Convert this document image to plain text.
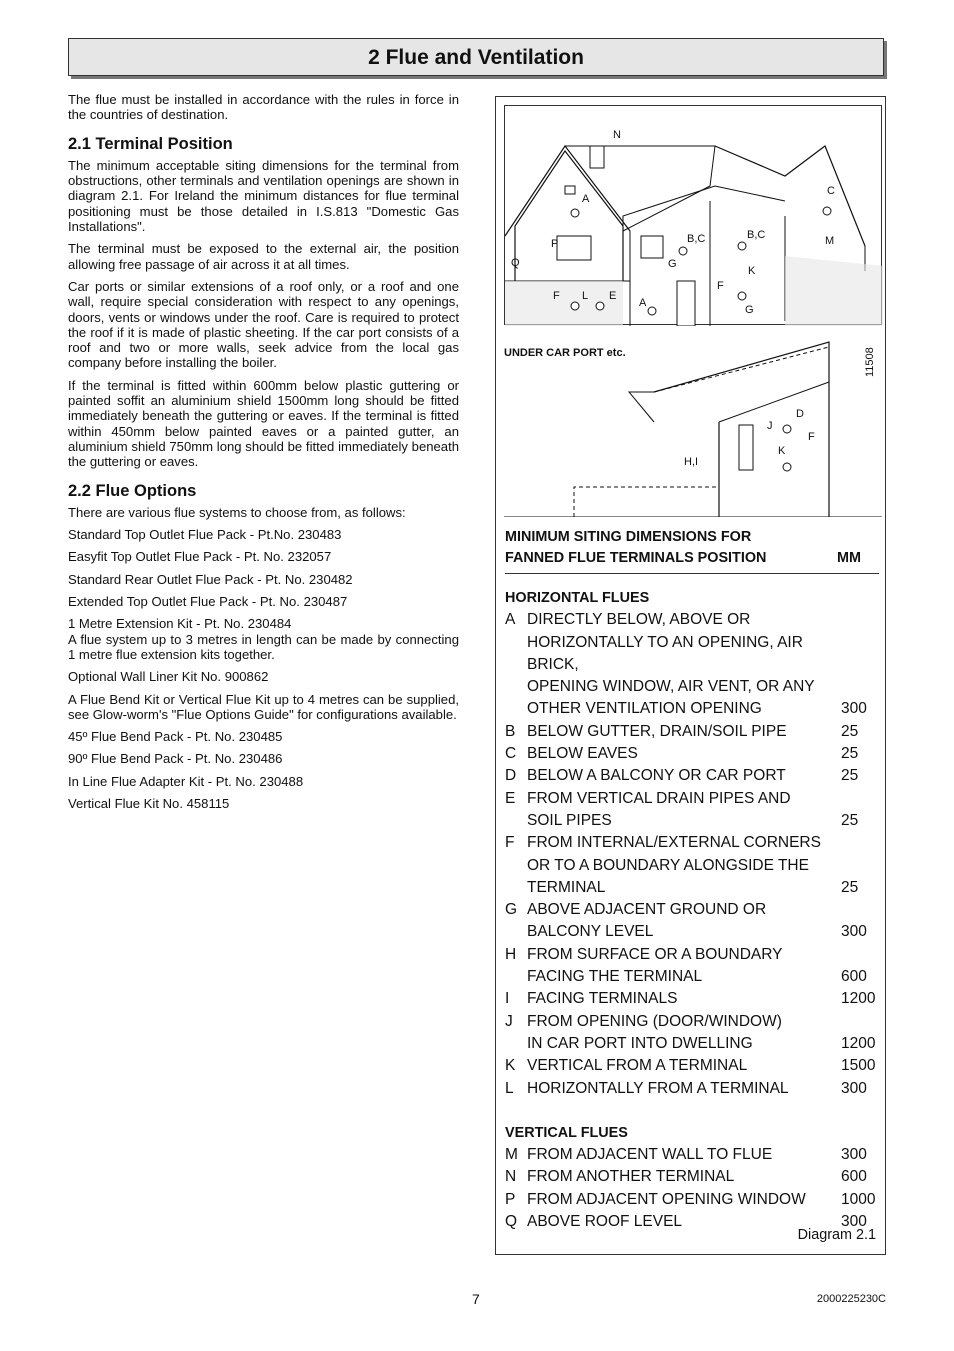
2 Flue and Ventilation

The flue must be installed in accordance with the rules in force in the countries of destination.

2.1 Terminal Position

The minimum acceptable siting dimensions for the terminal from obstructions, other terminals and ventilation openings are shown in diagram 2.1. For Ireland the minimum distances for flue terminal positioning must be those detailed in I.S.813 "Domestic Gas Installations".

The terminal must be exposed to the external air, the position allowing free passage of air across it at all times.

Car ports or similar extensions of a roof only, or a roof and one wall, require special consideration with respect to any openings, doors, vents or windows under the roof. Care is required to protect the roof if it is made of plastic sheeting. If the car port consists of a roof and two or more walls, seek advice from the local gas company before installing the boiler.

If the terminal is fitted within 600mm below plastic guttering or painted soffit an aluminium shield 1500mm long should be fitted immediately beneath the guttering or eaves. If the terminal is fitted within 450mm below painted eaves or a painted gutter, an aluminium shield 750mm long should be fitted immediately beneath the guttering or eaves.

2.2 Flue Options
There are various flue systems to choose from, as follows:
Standard Top Outlet Flue Pack - Pt.No. 230483
Easyfit Top Outlet Flue Pack - Pt. No. 232057
Standard Rear Outlet Flue Pack - Pt. No. 230482
Extended Top Outlet Flue Pack - Pt. No. 230487
1 Metre Extension Kit - Pt. No. 230484

A flue system up to 3 metres in length can be made by connecting 1 metre flue extension kits together.

Optional Wall Liner Kit No. 900862

A Flue Bend Kit or Vertical Flue Kit up to 4 metres can be supplied, see Glow-worm's "Flue Options Guide" for configurations available.

45º Flue Bend Pack - Pt. No. 230485
90º Flue Bend Pack - Pt. No. 230486
In Line Flue Adapter Kit - Pt. No. 230488
Vertical Flue Kit No. 458115
N
A
C
B,C	B,C
P
Q	G
K
M
F L E
A
F
G
UNDER CAR PORT etc.	11508
D
J
F
K
H,I
MINIMUM SITING DIMENSIONS FOR
FANNED FLUE TERMINALS POSITION	MM
HORIZONTAL FLUES
A DIRECTLY BELOW, ABOVE OR
HORIZONTALLY TO AN OPENING, AIR BRICK,
OPENING WINDOW, AIR VENT, OR ANY
OTHER VENTILATION OPENING	300
B BELOW GUTTER, DRAIN/SOIL PIPE	25
C BELOW EAVES	25
D BELOW A BALCONY OR CAR PORT	25
E FROM VERTICAL DRAIN PIPES AND
SOIL PIPES	25
F FROM INTERNAL/EXTERNAL CORNERS
OR TO A BOUNDARY ALONGSIDE THE
TERMINAL	25
G ABOVE ADJACENT GROUND OR
BALCONY LEVEL	300
H FROM SURFACE OR A BOUNDARY
FACING THE TERMINAL	600
I	FACING TERMINALS	1200
J FROM OPENING (DOOR/WINDOW)
IN CAR PORT INTO DWELLING	1200
K VERTICAL FROM A TERMINAL	1500
L HORIZONTALLY FROM A TERMINAL	300
VERTICAL FLUES
M FROM ADJACENT WALL TO FLUE	300
N FROM ANOTHER TERMINAL	600
P FROM ADJACENT OPENING WINDOW	1000
Q ABOVE ROOF LEVEL	300
Diagram 2.1
7	2000225230C
